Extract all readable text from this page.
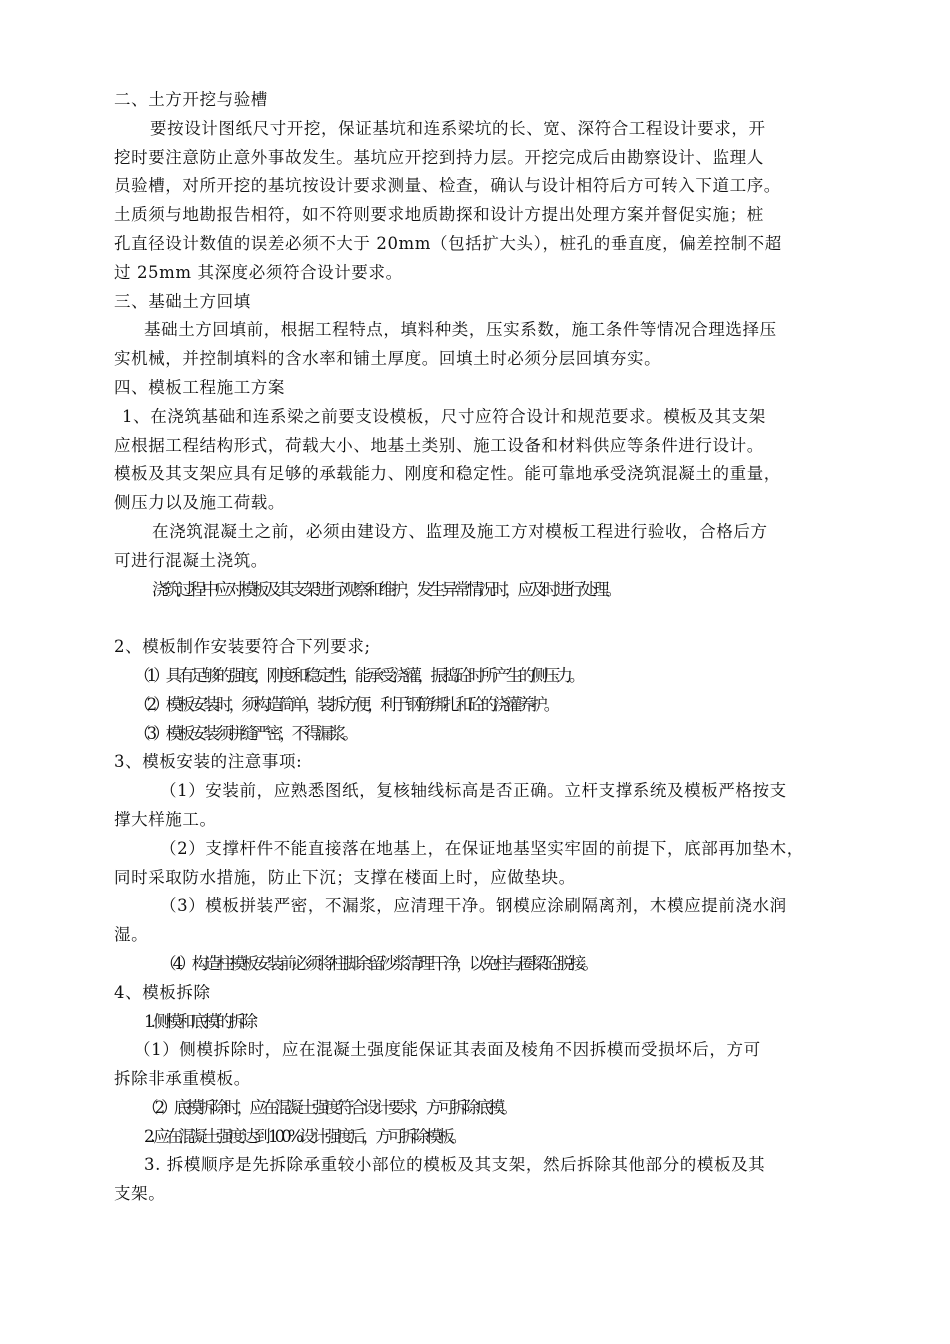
二、土方开挖与验槽
要按设计图纸尺寸开挖，保证基坑和连系梁坑的长、宽、深符合工程设计要求，开
挖时要注意防止意外事故发生。基坑应开挖到持力层。开挖完成后由勘察设计、监理人
员验槽，对所开挖的基坑按设计要求测量、检查，确认与设计相符后方可转入下道工序。
土质须与地勘报告相符，如不符则要求地质勘探和设计方提出处理方案并督促实施；桩
孔直径设计数值的误差必须不大于 20mm（包括扩大头），桩孔的垂直度，偏差控制不超
过 25mm 其深度必须符合设计要求。
三、基础土方回填
基础土方回填前，根据工程特点，填料种类，压实系数，施工条件等情况合理选择压
实机械，并控制填料的含水率和铺土厚度。回填土时必须分层回填夯实。
四、模板工程施工方案
1、在浇筑基础和连系梁之前要支设模板，尺寸应符合设计和规范要求。模板及其支架
应根据工程结构形式，荷载大小、地基土类别、施工设备和材料供应等条件进行设计。
模板及其支架应具有足够的承载能力、刚度和稳定性。能可靠地承受浇筑混凝土的重量，
侧压力以及施工荷载。
在浇筑混凝土之前，必须由建设方、监理及施工方对模板工程进行验收，合格后方
可进行混凝土浇筑。
浇筑过程中应对模板及其支架进行观察和维护，发生异常情况时，应及时进行处理。
2、模板制作安装要符合下列要求;
（1）具有足够的强度，刚度和稳定性，能承受浇灌，振捣砼时所产生的侧压力。
（2）模板安装时，须构造简单，装拆方便，利于钢筋绑扎和砼的浇灌养护。
（3）模板安装须拼缝严密，不得漏浆。
3、模板安装的注意事项:
（1）安装前，应熟悉图纸，复核轴线标高是否正确。立杆支撑系统及模板严格按支
撑大样施工。
（2）支撑杆件不能直接落在地基上，在保证地基坚实牢固的前提下，底部再加垫木，
同时采取防水措施，防止下沉；支撑在楼面上时，应做垫块。
（3）模板拼装严密，不漏浆，应清理干净。钢模应涂刷隔离剂，木模应提前浇水润
湿。
（4）构造柱模板安装前必须将柱脚余留沙浆清理干净，以免柱与圈梁砼脱接。
4、模板拆除
1. 侧模和底模的拆除
（1）侧模拆除时，应在混凝土强度能保证其表面及棱角不因拆模而受损坏后，方可
拆除非承重模板。
（2）底模拆除时，应在混凝土强度符合设计要求，方可拆除底模。
2. 应在混凝土强度达到 100%设计强度后，方可拆除模板。
3. 拆模顺序是先拆除承重较小部位的模板及其支架，然后拆除其他部分的模板及其
支架。
